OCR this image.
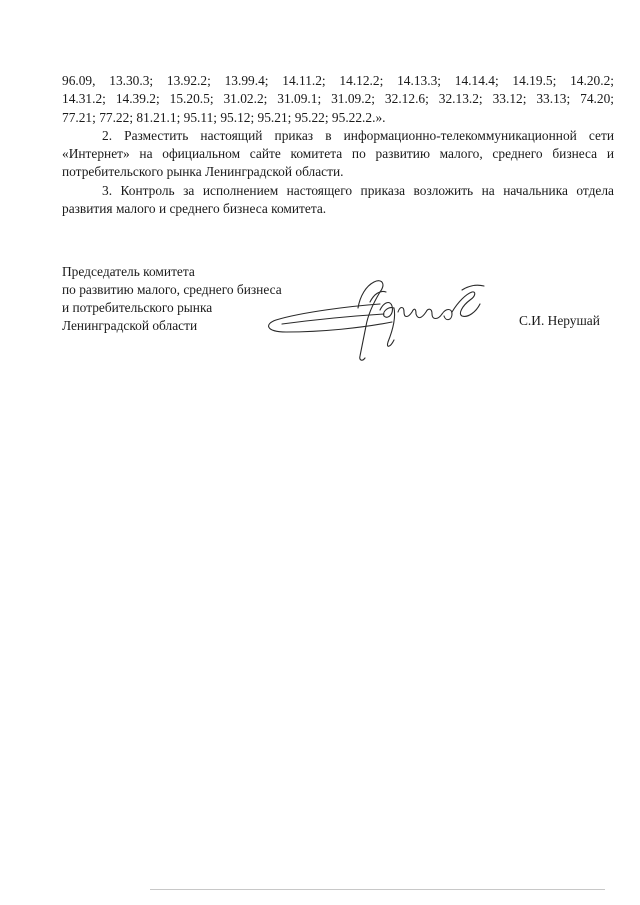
96.09, 13.30.3; 13.92.2; 13.99.4; 14.11.2; 14.12.2; 14.13.3; 14.14.4; 14.19.5; 14.20.2;

14.31.2; 14.39.2; 15.20.5; 31.02.2; 31.09.1; 31.09.2; 32.12.6; 32.13.2; 33.12; 33.13; 74.20;

77.21; 77.22; 81.21.1; 95.11; 95.12; 95.21; 95.22; 95.22.2.».

2. Разместить настоящий приказ в информационно-телекоммуникационной сети «Интернет» на официальном сайте комитета по развитию малого, среднего бизнеса и потребительского рынка Ленинградской области.

3. Контроль за исполнением настоящего приказа возложить на начальника отдела развития малого и среднего бизнеса комитета.

Председатель комитета
по развитию малого, среднего бизнеса
и потребительского рынка
Ленинградской области	С.И. Нерушай
